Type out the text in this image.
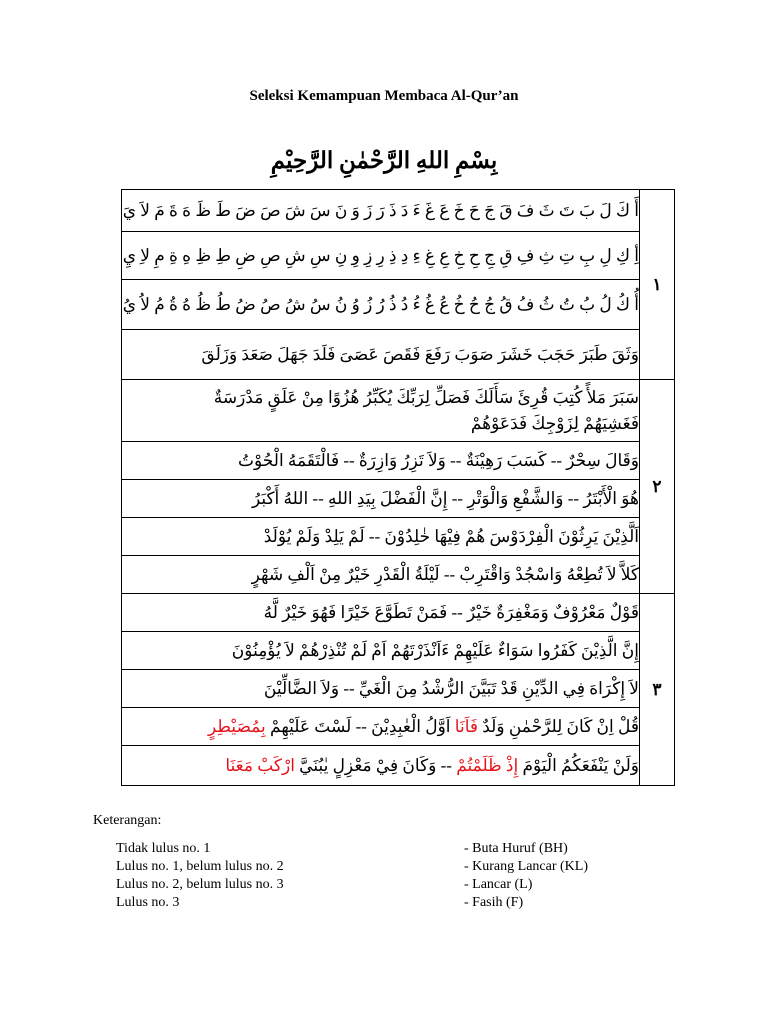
Seleksi Kemampuan Membaca Al-Qur’an
بِسْمِ اللهِ الرَّحْمٰنِ الرَّحِيْمِ
أَ كَ لَ بَ تَ ثَ فَ قَ جَ حَ خَ عَ غَ ءَ دَ ذَ رَ زَ وَ نَ سَ شَ صَ ضَ طَ ظَ هَ ةَ مَ لاَ يَ	١
أِ كِ لِ بِ تِ ثِ فِ قِ جِ حِ خِ عِ غِ ءِ دِ ذِ رِ زِ وِ نِ سِ شِ صِ ضِ طِ ظِ هِ ةِ مِ لاِ يِ	
أُ كُ لُ بُ تُ ثُ فُ قُ جُ حُ خُ عُ غُ ءُ دُ ذُ رُ زُ وُ نُ سُ شُ صُ ضُ طُ ظُ هُ ةُ مُ لاُ يُ	
وَثَقَ طَبَرَ حَجَبَ خَشَرَ صَوَبَ رَفَعَ فَقَصَ عَصَىَ فَلَدَ جَهَلَ صَعَدَ وَزَلَقَ	

سَبَرَ مَلأً كُتِبَ قُرِئَ سَأَلَكَ فَصَلِّ لِرَبِّكَ يُكَبِّرُ هُزُوًا مِنْ عَلَقٍ مَدْرَسَةٌ
فَغَشِيَهُمْ لِزَوْجِكَ فَدَعَوْهُمْ	٢
وَقَالَ سِحْرٌ -- كَسَبَ رَهِيْنَةٌ -- وَلاَ تَزِرُ وَازِرَةٌ -- فَالْتَقَمَهُ الْحُوْتُ	
هُوَ الْأَبْتَرُ -- وَالشَّفْعِ وَالْوَتْرِ -- إِنَّ الْفَضْلَ بِيَدِ اللهِ -- اللهُ أَكْبَرُ	
اَلَّذِيْنَ يَرِثُوْنَ الْفِرْدَوْسَ هُمْ فِيْهَا خٰلِدُوْنَ -- لَمْ يَلِدْ وَلَمْ يُوْلَدْ	
كَلاَّ لاَ تُطِعْهُ وَاسْجُدْ وَاقْتَرِبْ -- لَيْلَةُ الْقَدْرِ خَيْرٌ مِنْ اَلْفِ شَهْرٍ	
قَوْلٌ مَعْرُوْفٌ وَمَغْفِرَةٌ خَيْرٌ -- فَمَنْ تَطَوَّعَ خَيْرًا فَهُوَ خَيْرٌ لَّهُ	٣
إِنَّ الَّذِيْنَ كَفَرُوا سَوَاءٌ عَلَيْهِمْ ءَاَنْذَرْتَهُمْ اَمْ لَمْ تُنْذِرْهُمْ لاَ يُؤْمِنُوْنَ	
لاَ إِكْرَاهَ فِي الدِّيْنِ قَدْ تَبَيَّنَ الرُّشْدُ مِنَ الْغَيِّ -- وَلاَ الضَّالِّيْنَ	
قُلْ اِنْ كَانَ لِلرَّحْمٰنِ وَلَدٌ فَاَنَا اَوَّلُ الْعٰبِدِيْنَ -- لَسْتَ عَلَيْهِمْ بِمُصَيْطِرٍ	
وَلَنْ يَنْفَعَكُمُ الْيَوْمَ إِذْ ظَلَمْتُمْ -- وَكَانَ فِيْ مَعْزِلٍ يٰبُنَيَّ ارْكَبْ مَعَنَا	
Keterangan:
Tidak lulus no. 1	- Buta Huruf (BH)
Lulus no. 1, belum lulus no. 2	- Kurang Lancar (KL)
Lulus no. 2, belum lulus no. 3	- Lancar (L)
Lulus no. 3	- Fasih (F)
